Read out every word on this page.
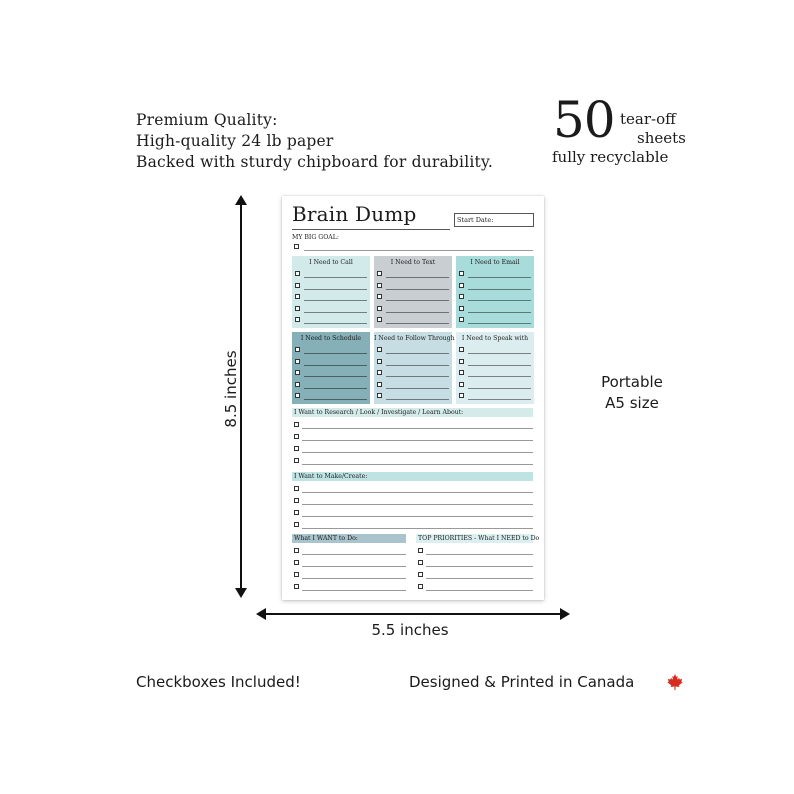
Premium Quality:
High-quality 24 lb paper
Backed with sturdy chipboard for durability.
50 tear-off
sheets
fully recyclable
Portable
A5 size
8.5 inches
5.5 inches
Checkboxes Included!	Designed & Printed in Canada
Brain Dump	Start Date:
MY BIG GOAL:
I Need to Call	I Need to Text	I Need to Email
I Need to Schedule	I Need to Follow Through	I Need to Speak with
I Want to Research / Look / Investigate / Learn About:
I Want to Make/Create:
What I WANT to Do:	TOP PRIORITIES - What I NEED to Do
